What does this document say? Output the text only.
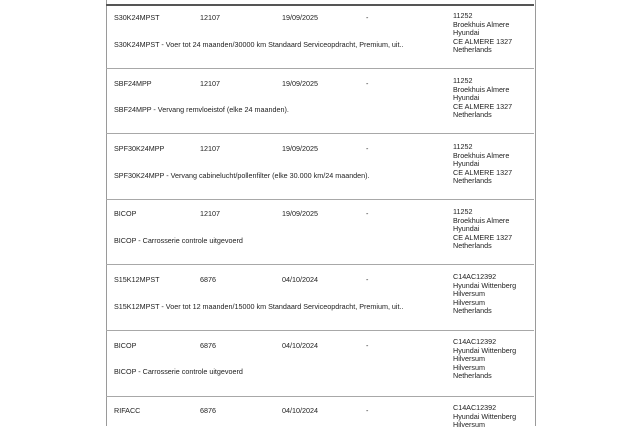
S30K24MPST	12107	19/09/2025	-	11252
Broekhuis Almere
Hyundai
CE ALMERE 1327
Netherlands
S30K24MPST - Voer tot 24 maanden/30000 km Standaard Serviceopdracht, Premium, uit..
SBF24MPP	12107	19/09/2025	-	11252
Broekhuis Almere
Hyundai
CE ALMERE 1327
Netherlands
SBF24MPP - Vervang remvloeistof (elke 24 maanden).
SPF30K24MPP	12107	19/09/2025	-	11252
Broekhuis Almere
Hyundai
CE ALMERE 1327
Netherlands
SPF30K24MPP - Vervang cabinelucht/pollenfilter (elke 30.000 km/24 maanden).
BICOP	12107	19/09/2025	-	11252
Broekhuis Almere
Hyundai
CE ALMERE 1327
Netherlands
BICOP - Carrosserie controle uitgevoerd
S15K12MPST	6876	04/10/2024	-	C14AC12392
Hyundai Wittenberg
Hilversum
Hilversum
Netherlands
S15K12MPST - Voer tot 12 maanden/15000 km Standaard Serviceopdracht, Premium, uit..
BICOP	6876	04/10/2024	-	C14AC12392
Hyundai Wittenberg
Hilversum
Hilversum
Netherlands
BICOP - Carrosserie controle uitgevoerd
RIFACC	6876	04/10/2024	-	C14AC12392
Hyundai Wittenberg
Hilversum
